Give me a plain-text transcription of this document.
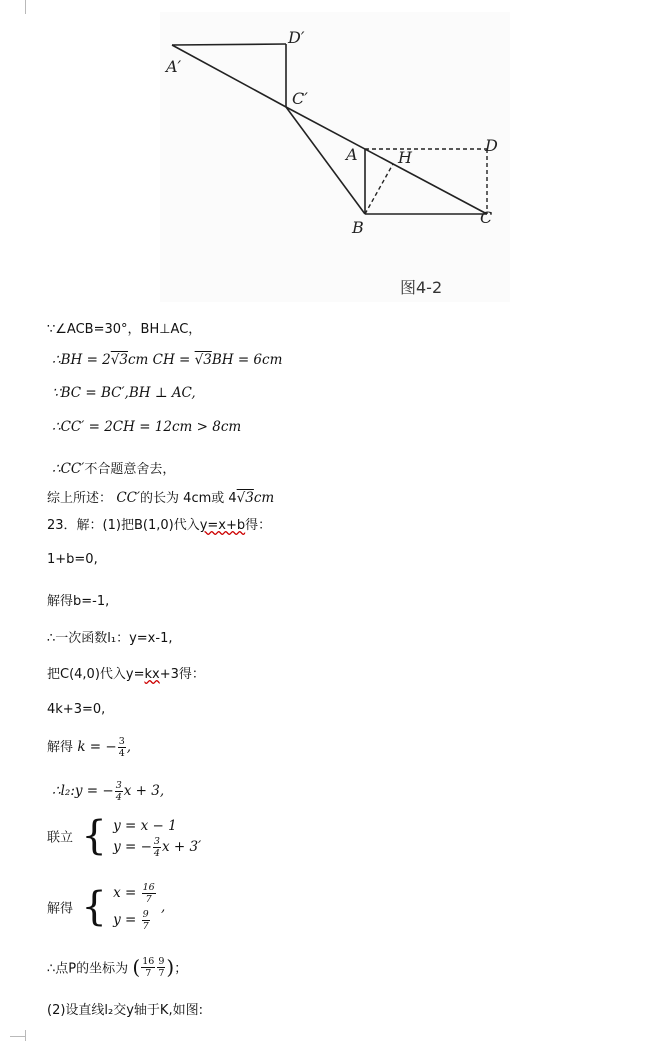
A′
D′
C′
A	H
D
B
C
图4-2
∵∠ACB=30°，BH⊥AC，
∴BH = 2√3cm CH = √3BH = 6cm
∵BC = BC′,BH ⊥ AC,
∴CC′ = 2CH = 12cm > 8cm
∴CC′不合题意舍去，
综上所述： CC′的长为 4cm或 4√3cm
23．解：(1)把B(1,0)代入y=x+b得：
1+b=0,
解得b=-1,
∴一次函数l₁：y=x-1,
把C(4,0)代入y=kx+3得：
4k+3=0,
解得 k = − $\frac{3}{4}$ ,
∴l₂:y = − $\frac{3}{4}$ x + 3,
联立 { y = x − 1
y = − $\frac{3}{4}$ x + 3′
解得 { $x = \frac{16}{7}$
$y = \frac{9}{7}$
,
∴点P的坐标为 ( $\frac{16}{7} \frac{9}{7}$ )；
(2)设直线l₂交y轴于K,如图:
